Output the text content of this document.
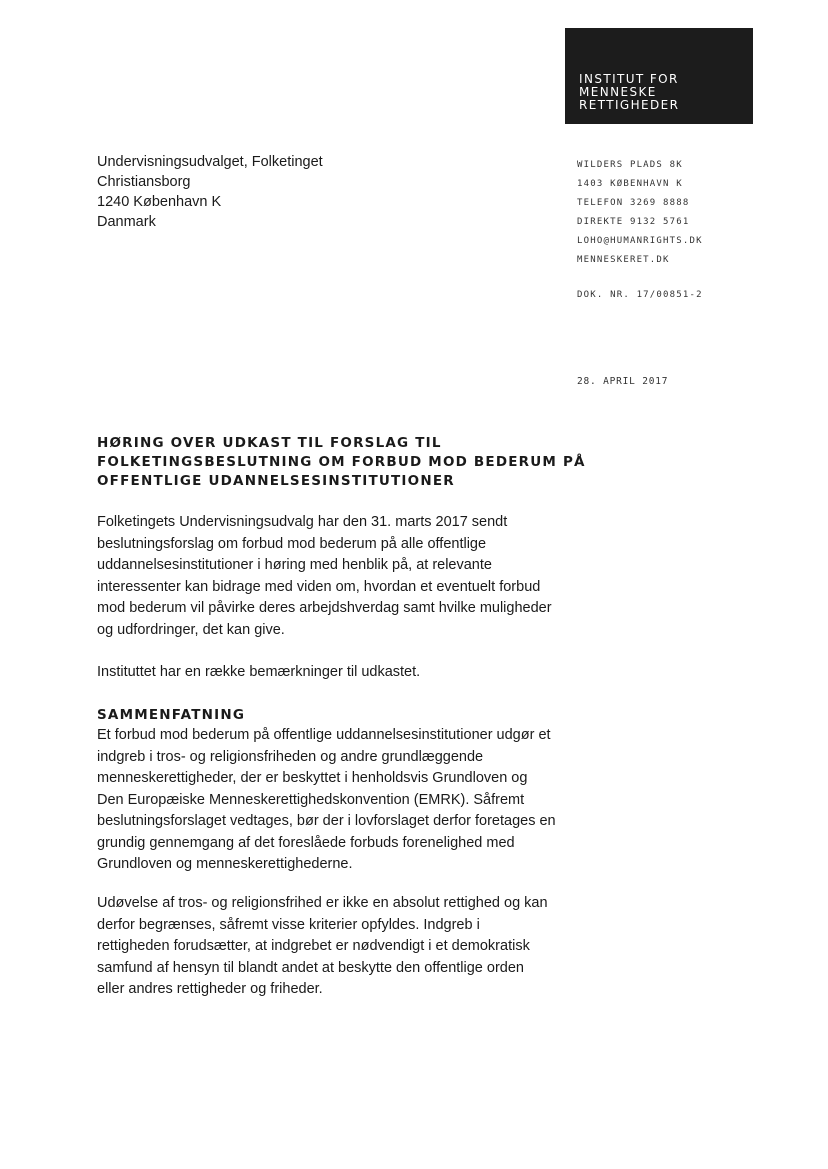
INSTITUT FOR
MENNESKE
RETTIGHEDER
Undervisningsudvalget, Folketinget
Christiansborg
1240 København K
Danmark
WILDERS PLADS 8K
1403 KØBENHAVN K
TELEFON 3269 8888
DIREKTE 9132 5761
LOHO@HUMANRIGHTS.DK
MENNESKERET.DK
DOK. NR. 17/00851-2
28. APRIL 2017
HØRING OVER UDKAST TIL FORSLAG TIL
FOLKETINGSBESLUTNING OM FORBUD MOD BEDERUM PÅ
OFFENTLIGE UDANNELSESINSTITUTIONER
Folketingets Undervisningsudvalg har den 31. marts 2017 sendt
beslutningsforslag om forbud mod bederum på alle offentlige
uddannelsesinstitutioner i høring med henblik på, at relevante
interessenter kan bidrage med viden om, hvordan et eventuelt forbud
mod bederum vil påvirke deres arbejdshverdag samt hvilke muligheder
og udfordringer, det kan give.
Instituttet har en række bemærkninger til udkastet.
SAMMENFATNING
Et forbud mod bederum på offentlige uddannelsesinstitutioner udgør et
indgreb i tros- og religionsfriheden og andre grundlæggende
menneskerettigheder, der er beskyttet i henholdsvis Grundloven og
Den Europæiske Menneskerettighedskonvention (EMRK). Såfremt
beslutningsforslaget vedtages, bør der i lovforslaget derfor foretages en
grundig gennemgang af det foreslåede forbuds forenelighed med
Grundloven og menneskerettighederne.
Udøvelse af tros- og religionsfrihed er ikke en absolut rettighed og kan
derfor begrænses, såfremt visse kriterier opfyldes. Indgreb i
rettigheden forudsætter, at indgrebet er nødvendigt i et demokratisk
samfund af hensyn til blandt andet at beskytte den offentlige orden
eller andres rettigheder og friheder.
